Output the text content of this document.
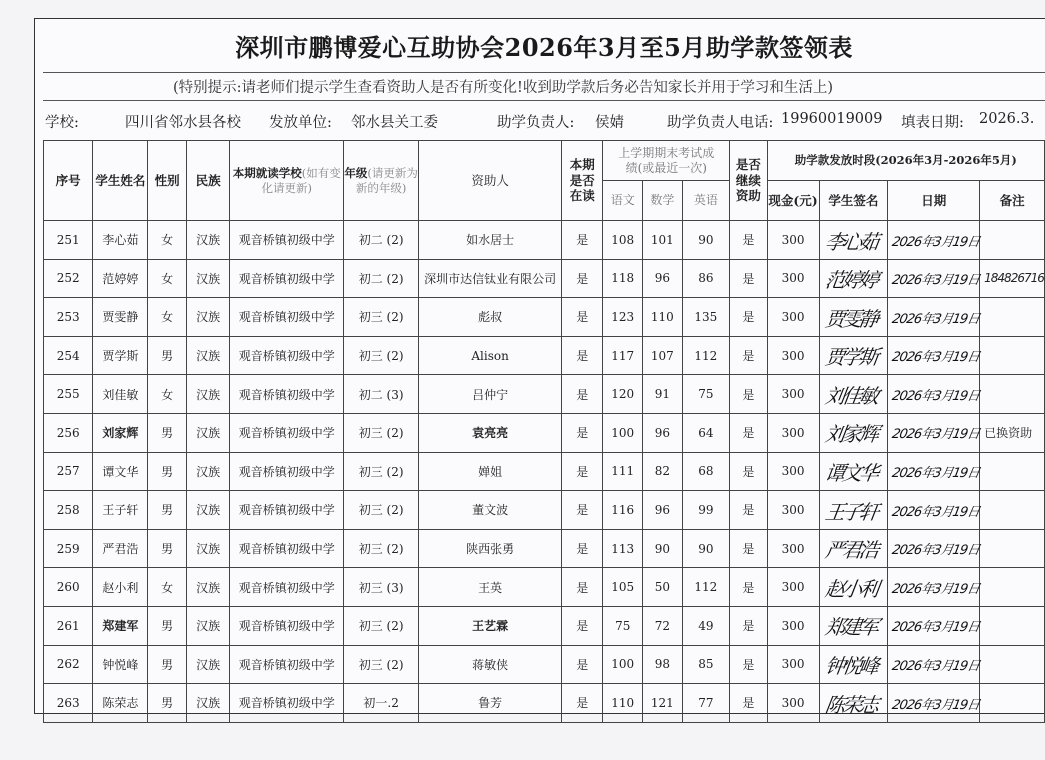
深圳市鹏博爱心互助协会2026年3月至5月助学款签领表
(特别提示:请老师们提示学生查看资助人是否有所变化!收到助学款后务必告知家长并用于学习和生活上)
学校:	四川省邻水县各校 发放单位: 邻水县关工委	助学负责人: 侯婧	助学负责人电话: 19960019009 填表日期: 2026.3.
序号	学生姓名	性别	民族	本期就读学校(如有变化请更新)	年级(请更新为新的年级)	资助人	本期是否在读	上学期期末考试成绩(或最近一次)			是否继续资助	助学款发放时段(2026年3月-2026年5月)			
								语文	数学	英语		现金(元)	学生签名	日期	备注
251	李心茹	女	汉族	观音桥镇初级中学	初二 (2)	如水居士	是	108	101	90	是	300	李心茹	2026年3月19日	
252	范婷婷	女	汉族	观音桥镇初级中学	初二 (2)	深圳市达信钛业有限公司	是	118	96	86	是	300	范婷婷	2026年3月19日	184826716
253	贾雯静	女	汉族	观音桥镇初级中学	初三 (2)	彪叔	是	123	110	135	是	300	贾雯静	2026年3月19日	
254	贾学斯	男	汉族	观音桥镇初级中学	初三 (2)	Alison	是	117	107	112	是	300	贾学斯	2026年3月19日	
255	刘佳敏	女	汉族	观音桥镇初级中学	初二 (3)	吕仲宁	是	120	91	75	是	300	刘佳敏	2026年3月19日	
256	刘家辉	男	汉族	观音桥镇初级中学	初三 (2)	袁亮亮	是	100	96	64	是	300	刘家辉	2026年3月19日	已换资助
257	谭文华	男	汉族	观音桥镇初级中学	初三 (2)	婵姐	是	111	82	68	是	300	谭文华	2026年3月19日	
258	王子轩	男	汉族	观音桥镇初级中学	初三 (2)	董文波	是	116	96	99	是	300	王子轩	2026年3月19日	
259	严君浩	男	汉族	观音桥镇初级中学	初三 (2)	陕西张勇	是	113	90	90	是	300	严君浩	2026年3月19日	
260	赵小利	女	汉族	观音桥镇初级中学	初三 (3)	王英	是	105	50	112	是	300	赵小利	2026年3月19日	
261	郑建军	男	汉族	观音桥镇初级中学	初三 (2)	王艺霖	是	75	72	49	是	300	郑建军	2026年3月19日	
262	钟悦峰	男	汉族	观音桥镇初级中学	初三 (2)	蒋敏侠	是	100	98	85	是	300	钟悦峰	2026年3月19日	
263	陈荣志	男	汉族	观音桥镇初级中学	初一.2	鲁芳	是	110	121	77	是	300	陈荣志	2026年3月19日	
